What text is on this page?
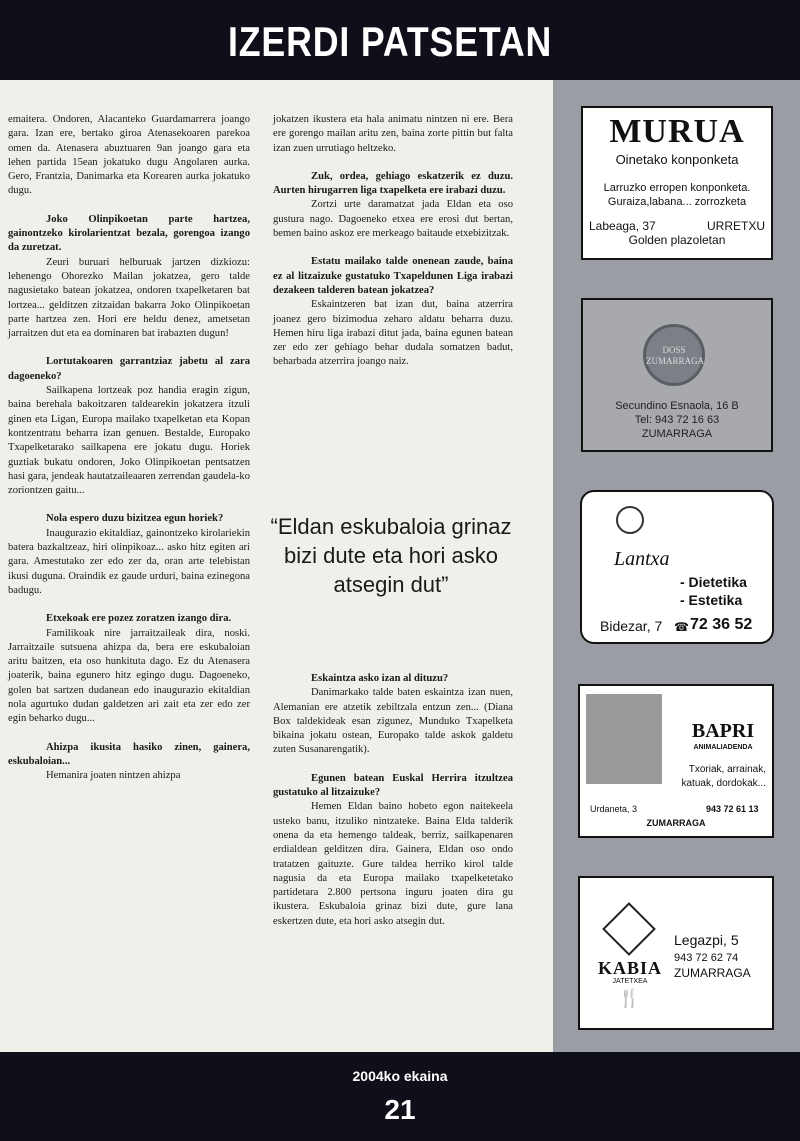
IZERDI PATSETAN

emaitera. Ondoren, Alacanteko Guardamarrera joango gara. Izan ere, bertako giroa Atenasekoaren parekoa omen da. Atenasera abuztuaren 9an joango gara eta lehen partida 15ean jokatuko dugu Angolaren aurka. Gero, Frantzia, Danimarka eta Korearen aurka jokatuko dugu.

Joko Olinpikoetan parte hartzea, gainontzeko kirolarientzat bezala, gorengoa izango da zuretzat.

Zeuri buruari helburuak jartzen dizkiozu: lehenengo Ohorezko Mailan jokatzea, gero talde nagusietako batean jokatzea, ondoren txapelketaren bat lortzea... gelditzen zitzaidan bakarra Joko Olinpikoetan parte hartzea zen. Hori ere heldu denez, ametsetan jarraitzen dut eta ea dominaren bat irabazten dugun!

Lortutakoaren garrantziaz jabetu al zara dagoeneko?

Sailkapena lortzeak poz handia eragin zigun, baina berehala bakoitzaren taldearekin jokatzera itzuli ginen eta Ligan, Europa mailako txapelketan eta Kopan kontzentratu beharra izan genuen. Bestalde, Europako Txapelketarako sailkapena ere jokatu dugu. Horiek guztiak bukatu ondoren, Joko Olinpikoetan pentsatzen hasi gara, jendeak hautatzaileaaren zerrendan gaudela-ko zoriontzen gaitu...

Nola espero duzu bizitzea egun horiek?

Inaugurazio ekitaldiaz, gainontzeko kirolariekin batera bazkaltzeaz, hiri olinpikoaz... asko hitz egiten ari gara. Amestutako zer edo zer da, oran arte telebistan ikusi duguna. Oraindik ez gaude urduri, baina ezinegona badugu.

Etxekoak ere pozez zoratzen izango dira.

Familikoak nire jarraitzaileak dira, noski. Jarraitzaile sutsuena ahizpa da, bera ere eskubaloian aritu baitzen, eta oso hunkituta dago. Ez du Atenasera joaterik, baina egunero hitz egingo dugu. Dagoeneko, golen bat sartzen dudanean edo inaugurazio ekitaldian nola agurtuko dudan galdetzen ari zait eta zer edo zer egin beharko dugu...

Ahizpa ikusita hasiko zinen, gainera, eskubaloian...

Hemanira joaten nintzen ahizpa

jokatzen ikustera eta hala animatu nintzen ni ere. Bera ere gorengo mailan aritu zen, baina zorte pittin but falta izan zuen urrutiago heltzeko.

Zuk, ordea, gehiago eskatzerik ez duzu. Aurten hirugarren liga txapelketa ere irabazi duzu.

Zortzi urte daramatzat jada Eldan eta oso gustura nago. Dagoeneko etxea ere erosi dut bertan, bemen baino askoz ere merkeago baitaude etxebizitzak.

Estatu mailako talde onenean zaude, baina ez al litzaizuke gustatuko Txapeldunen Liga irabazi dezakeen talderen batean jokatzea?

Eskaintzeren bat izan dut, baina atzerrira joanez gero bizimodua zeharo aldatu beharra duzu. Hemen hiru liga irabazi ditut jada, baina egunen batean zer edo zer gehiago behar dudala somatzen badut, beharbada atzerrira joango naiz.

“Eldan eskubaloia grinaz bizi dute eta hori asko atsegin dut”

Eskaintza asko izan al dituzu?

Danimarkako talde baten eskaintza izan nuen, Alemanian ere atzetik zebiltzala entzun zen... (Diana Box taldekideak esan zigunez, Munduko Txapelketa bikaina jokatu ostean, Europako talde askok galdetu zuten Susanarengatik).

Egunen batean Euskal Herrira itzultzea gustatuko al litzaizuke?

Hemen Eldan baino hobeto egon naitekeela usteko banu, itzuliko nintzateke. Baina Elda talderik onena da eta hemengo taldeak, berriz, sailkapenaren erdialdean gelditzen dira. Gainera, Eldan oso ondo tratatzen gaituzte. Gure taldea herriko kirol talde nagusia da eta Europa mailako txapelketetako partidetara 2.800 pertsona inguru joaten dira gu ikustera. Eskubaloia grinaz bizi dute, gure lana eskertzen dute, eta hori asko atsegin dut.

MURUA
Oinetako konponketa
Larruzko erropen konponketa. Guraiza,labana... zorrozketa
Labeaga, 37	URRETXU
Golden plazoletan
DOSS ZUMARRAGA
Secundino Esnaola, 16 B
Tel: 943 72 16 63
ZUMARRAGA
Lantxa
- Dietetika
- Estetika
Bidezar, 7 ☎ 72 36 52
BAPRI
ANIMALIADENDA
Txoriak, arrainak,
katuak, dordokak...
Urdaneta, 3	943 72 61 13
ZUMARRAGA
KABIA
JATETXEA
🍴
Legazpi, 5
943 72 62 74
ZUMARRAGA
2004ko ekaina
21
